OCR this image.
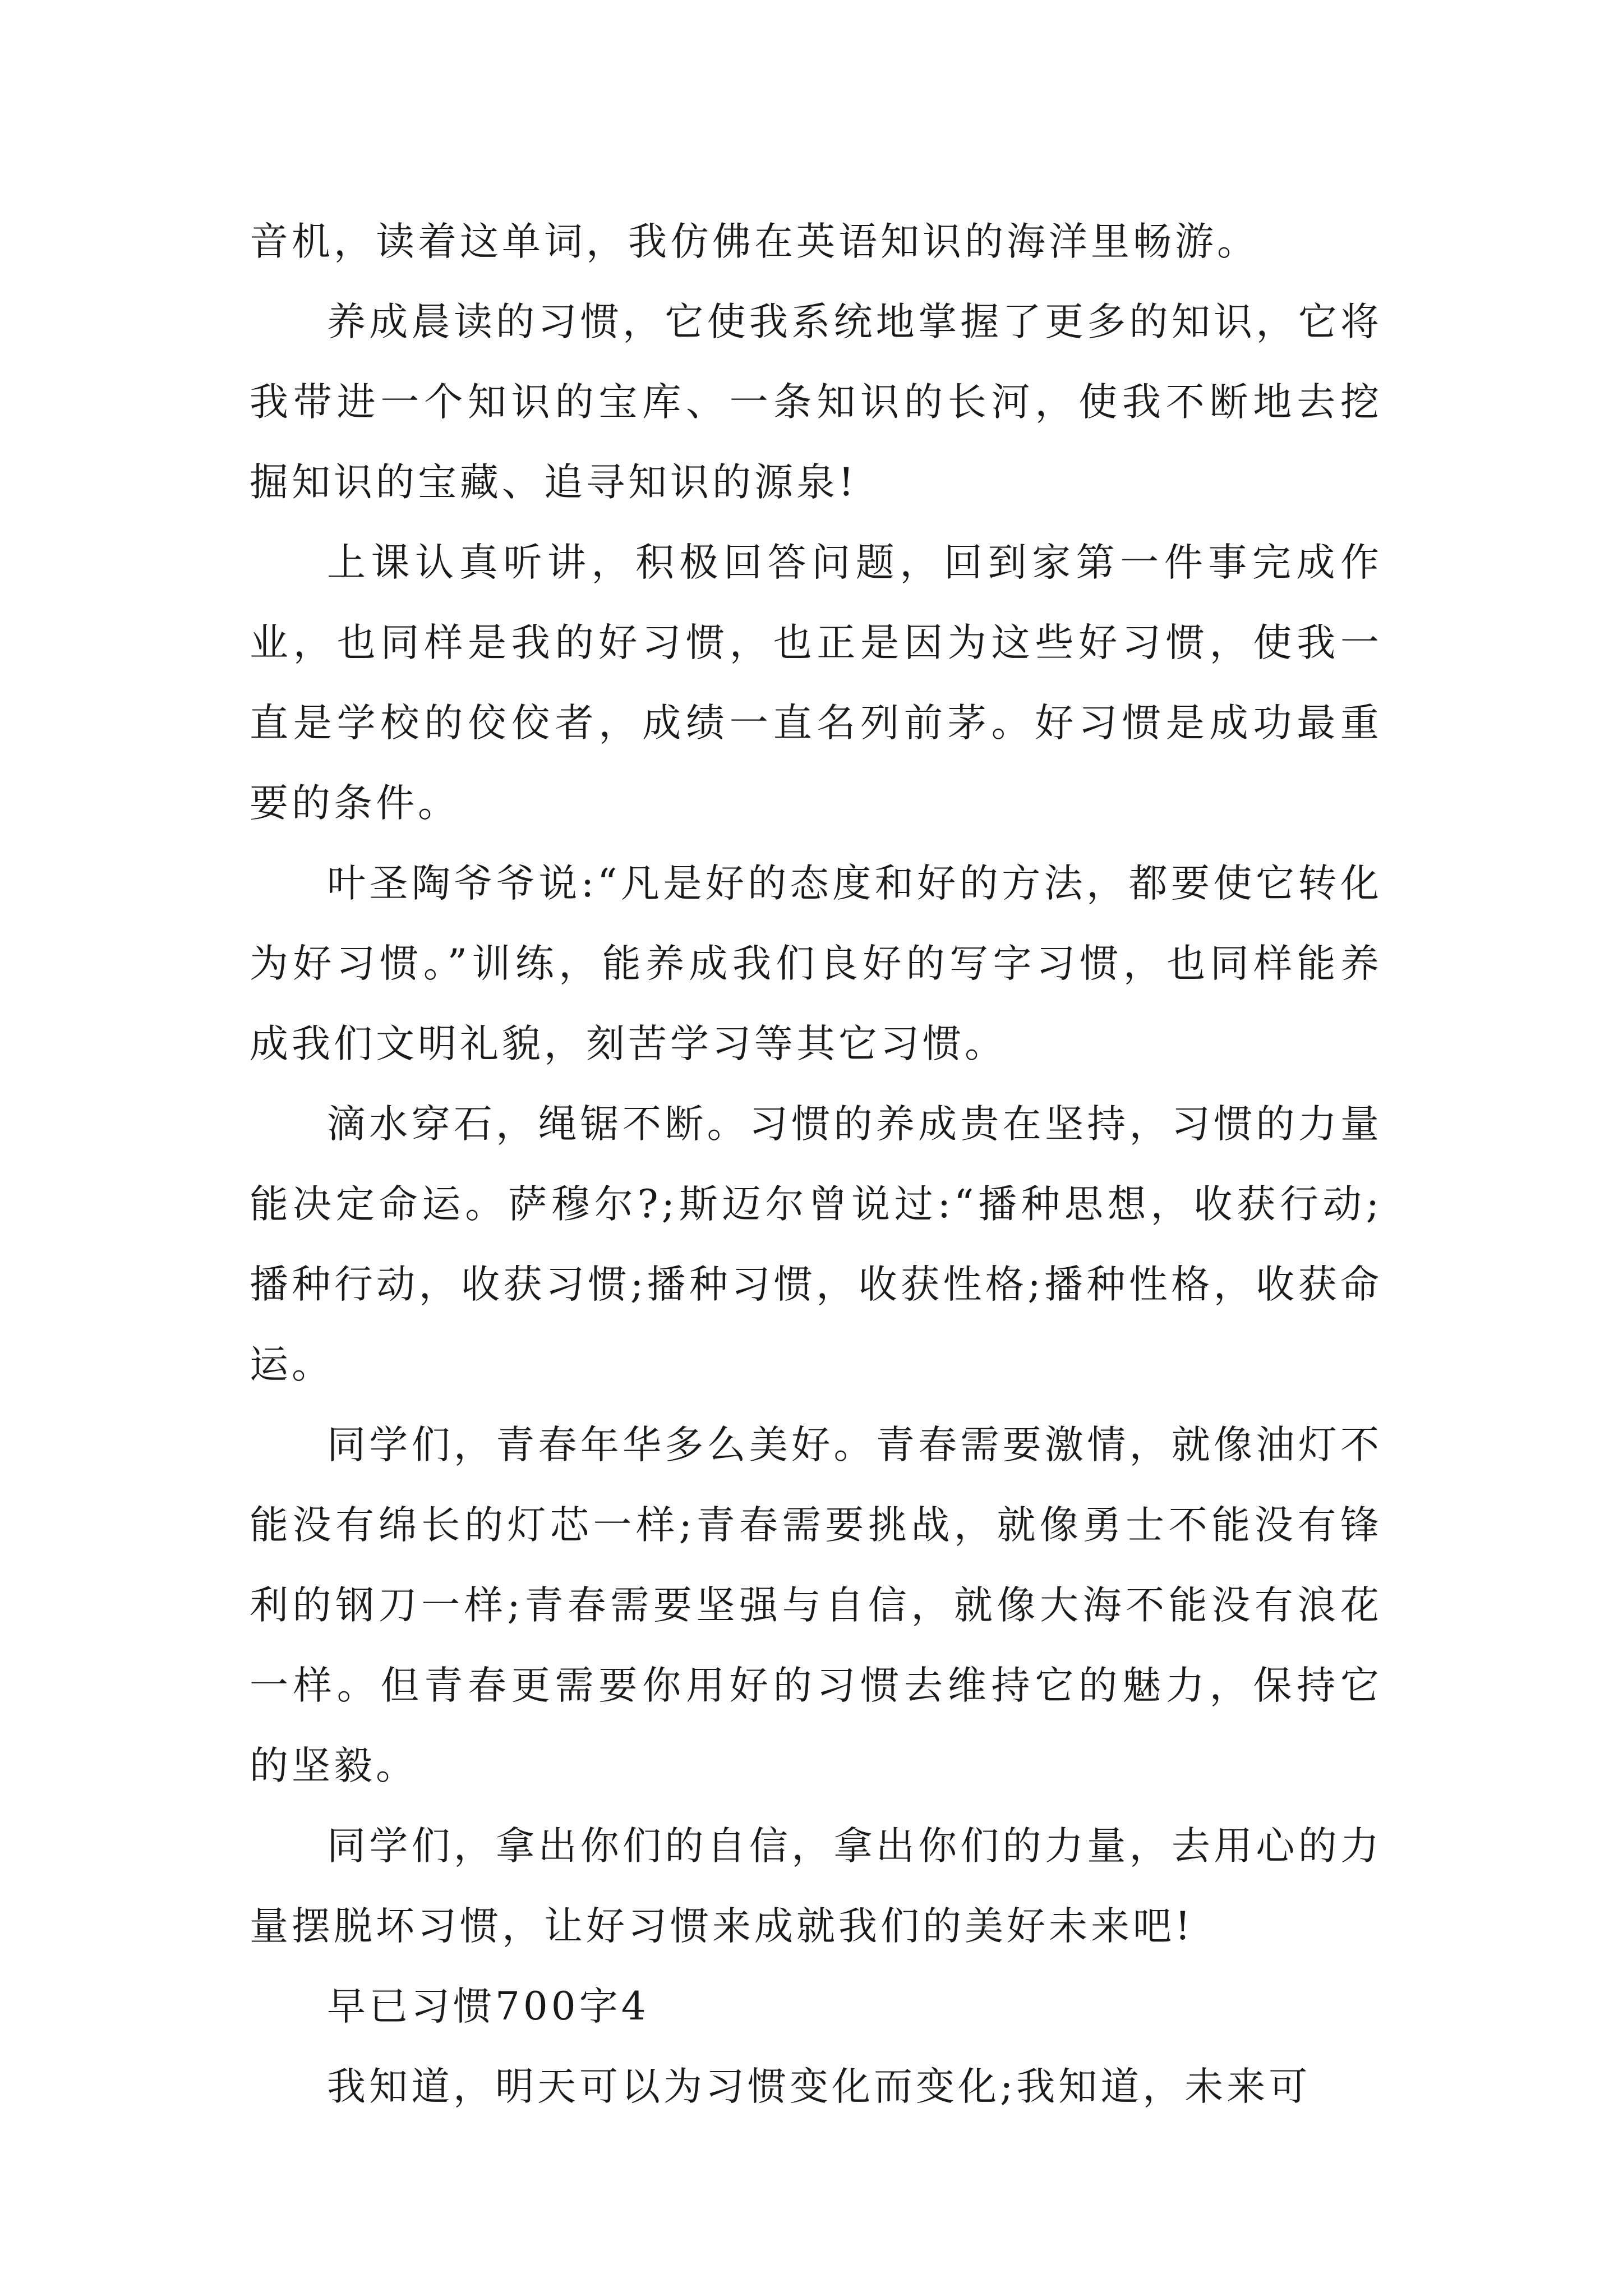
音机，读着这单词，我仿佛在英语知识的海洋里畅游。

养成晨读的习惯，它使我系统地掌握了更多的知识，它将我带进一个知识的宝库、一条知识的长河，使我不断地去挖掘知识的宝藏、追寻知识的源泉!

上课认真听讲，积极回答问题，回到家第一件事完成作业，也同样是我的好习惯，也正是因为这些好习惯，使我一直是学校的佼佼者，成绩一直名列前茅。好习惯是成功最重要的条件。

叶圣陶爷爷说:“凡是好的态度和好的方法，都要使它转化为好习惯。”训练，能养成我们良好的写字习惯，也同样能养成我们文明礼貌，刻苦学习等其它习惯。

滴水穿石，绳锯不断。习惯的养成贵在坚持，习惯的力量能决定命运。萨穆尔?;斯迈尔曾说过:“播种思想，收获行动;播种行动，收获习惯;播种习惯，收获性格;播种性格，收获命运。

同学们，青春年华多么美好。青春需要激情，就像油灯不能没有绵长的灯芯一样;青春需要挑战，就像勇士不能没有锋利的钢刀一样;青春需要坚强与自信，就像大海不能没有浪花一样。但青春更需要你用好的习惯去维持它的魅力，保持它的坚毅。

同学们，拿出你们的自信，拿出你们的力量，去用心的力量摆脱坏习惯，让好习惯来成就我们的美好未来吧!

早已习惯700字4

我知道，明天可以为习惯变化而变化;我知道，未来可
